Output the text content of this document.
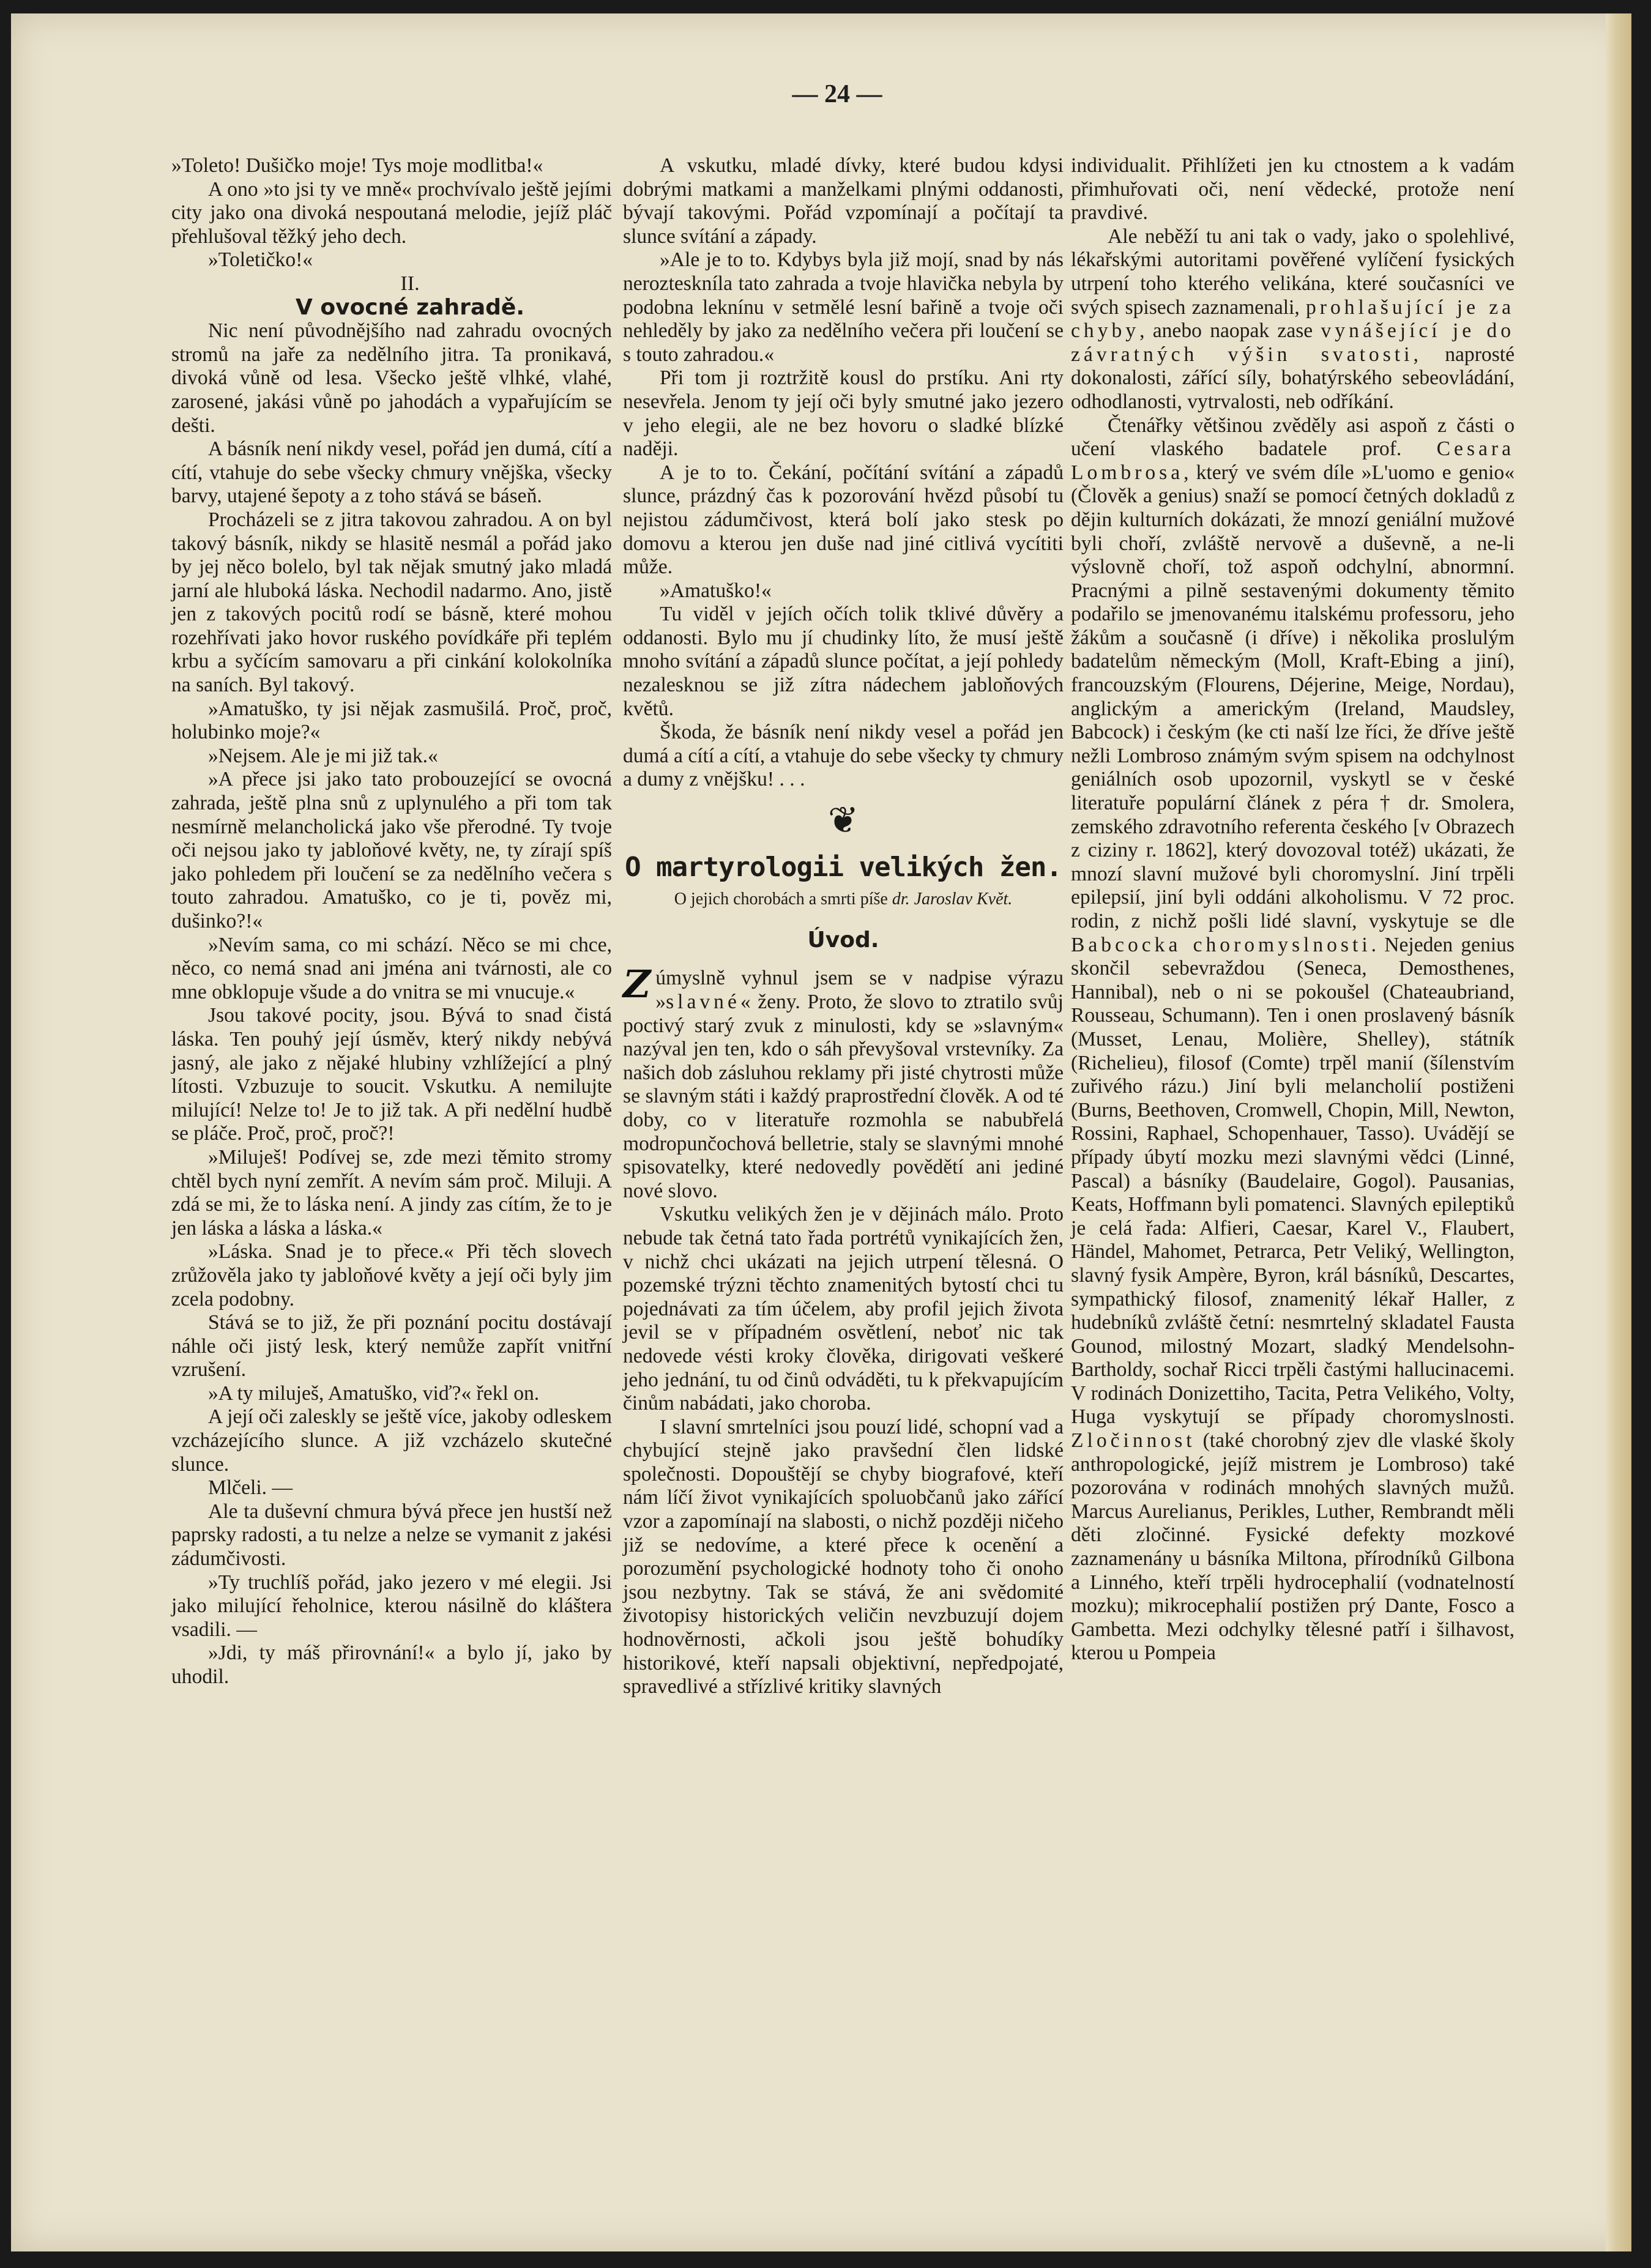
— 24 —

»Toleto! Dušičko moje! Tys moje modlitba!«

A ono »to jsi ty ve mně« prochvívalo ještě jejími city jako ona divoká nespoutaná melodie, jejíž pláč přehlušoval těžký jeho dech.

»Toletičko!«

II.

V ovocné zahradě.

Nic není původnějšího nad zahradu ovocných stromů na jaře za nedělního jitra. Ta pronikavá, divoká vůně od lesa. Všecko ještě vlhké, vlahé, zarosené, jakási vůně po jahodách a vypařujícím se dešti.

A básník není nikdy vesel, pořád jen dumá, cítí a cítí, vtahuje do sebe všecky chmury vnějška, všecky barvy, utajené šepoty a z toho stává se báseň.

Procházeli se z jitra takovou zahradou. A on byl takový básník, nikdy se hlasitě nesmál a pořád jako by jej něco bolelo, byl tak nějak smutný jako mladá jarní ale hluboká láska. Nechodil nadarmo. Ano, jistě jen z takových pocitů rodí se básně, které mohou rozehřívati jako hovor ruského povídkáře při teplém krbu a syčícím samovaru a při cinkání kolokolníka na saních. Byl takový.

»Amatuško, ty jsi nějak zasmušilá. Proč, proč, holubinko moje?«

»Nejsem. Ale je mi již tak.«

»A přece jsi jako tato probouzející se ovocná zahrada, ještě plna snů z uplynulého a při tom tak nesmírně melancholická jako vše přerodné. Ty tvoje oči nejsou jako ty jabloňové květy, ne, ty zírají spíš jako pohledem při loučení se za nedělního večera s touto zahradou. Amatuško, co je ti, pověz mi, dušinko?!«

»Nevím sama, co mi schází. Něco se mi chce, něco, co nemá snad ani jména ani tvárnosti, ale co mne obklopuje všude a do vnitra se mi vnucuje.«

Jsou takové pocity, jsou. Bývá to snad čistá láska. Ten pouhý její úsměv, který nikdy nebývá jasný, ale jako z nějaké hlubiny vzhlížející a plný lítosti. Vzbuzuje to soucit. Vskutku. A nemilujte milující! Nelze to! Je to již tak. A při nedělní hudbě se pláče. Proč, proč, proč?!

»Miluješ! Podívej se, zde mezi těmito stromy chtěl bych nyní zemřít. A nevím sám proč. Miluji. A zdá se mi, že to láska není. A jindy zas cítím, že to je jen láska a láska a láska.«

»Láska. Snad je to přece.« Při těch slovech zrůžověla jako ty jabloňové květy a její oči byly jim zcela podobny.

Stává se to již, že při poznání pocitu dostávají náhle oči jistý lesk, který nemůže zapřít vnitřní vzrušení.

»A ty miluješ, Amatuško, viď?« řekl on.

A její oči zaleskly se ještě více, jakoby odleskem vzcházejícího slunce. A již vzcházelo skutečné slunce.

Mlčeli. —

Ale ta duševní chmura bývá přece jen hustší než paprsky radosti, a tu nelze a nelze se vymanit z jakési zádumčivosti.

»Ty truchlíš pořád, jako jezero v mé elegii. Jsi jako milující řeholnice, kterou násilně do kláštera vsadili. —

»Jdi, ty máš přirovnání!« a bylo jí, jako by uhodil.

A vskutku, mladé dívky, které budou kdysi dobrými matkami a manželkami plnými oddanosti, bývají takovými. Pořád vzpomínají a počítají ta slunce svítání a západy.

»Ale je to to. Kdybys byla již mojí, snad by nás nerozteskníla tato zahrada a tvoje hlavička nebyla by podobna leknínu v setmělé lesní bařině a tvoje oči nehleděly by jako za nedělního večera při loučení se s touto zahradou.«

Při tom ji roztržitě kousl do prstíku. Ani rty nesevřela. Jenom ty její oči byly smutné jako jezero v jeho elegii, ale ne bez hovoru o sladké blízké naději.

A je to to. Čekání, počítání svítání a západů slunce, prázdný čas k pozorování hvězd působí tu nejistou zádumčivost, která bolí jako stesk po domovu a kterou jen duše nad jiné citlivá vycítiti může.

»Amatuško!«

Tu viděl v jejích očích tolik tklivé důvěry a oddanosti. Bylo mu jí chudinky líto, že musí ještě mnoho svítání a západů slunce počítat, a její pohledy nezalesknou se již zítra nádechem jabloňových květů.

Škoda, že básník není nikdy vesel a pořád jen dumá a cítí a cítí, a vtahuje do sebe všecky ty chmury a dumy z vnějšku! . . .

❦
O martyrologii velikých žen.
O jejich chorobách a smrti píše dr. Jaroslav Květ.
Úvod.

Zúmyslně vyhnul jsem se v nadpise výrazu »slavné« ženy. Proto, že slovo to ztratilo svůj poctivý starý zvuk z minulosti, kdy se »slavným« nazýval jen ten, kdo o sáh převyšoval vrstevníky. Za našich dob zásluhou reklamy při jisté chytrosti může se slavným státi i každý praprostřední člověk. A od té doby, co v literatuře rozmohla se nabubřelá modropunčochová belletrie, staly se slavnými mnohé spisovatelky, které nedovedly povědětí ani jediné nové slovo.

Vskutku velikých žen je v dějinách málo. Proto nebude tak četná tato řada portrétů vynikajících žen, v nichž chci ukázati na jejich utrpení tělesná. O pozemské trýzni těchto znamenitých bytostí chci tu pojednávati za tím účelem, aby profil jejich života jevil se v případném osvětlení, neboť nic tak nedovede vésti kroky člověka, dirigovati veškeré jeho jednání, tu od činů odváděti, tu k překvapujícím činům nabádati, jako choroba.

I slavní smrtelníci jsou pouzí lidé, schopní vad a chybující stejně jako pravšední člen lidské společnosti. Dopouštějí se chyby biografové, kteří nám líčí život vynikajících spoluobčanů jako zářící vzor a zapomínají na slabosti, o nichž později ničeho již se nedovíme, a které přece k ocenění a porozumění psychologické hodnoty toho či onoho jsou nezbytny. Tak se stává, že ani svědomité životopisy historických veličin nevzbuzují dojem hodnověrnosti, ačkoli jsou ještě bohudíky historikové, kteří napsali objektivní, nepředpojaté, spravedlivé a střízlivé kritiky slavných

individualit. Přihlížeti jen ku ctnostem a k vadám přimhuřovati oči, není vědecké, protože není pravdivé.

Ale neběží tu ani tak o vady, jako o spolehlivé, lékařskými autoritami pověřené vylíčení fysických utrpení toho kterého velikána, které současníci ve svých spisech zaznamenali, prohlašující je za chyby, anebo naopak zase vynášející je do závratných výšin svatosti, naprosté dokonalosti, zářící síly, bohatýrského sebeovládání, odhodlanosti, vytrvalosti, neb odříkání.

Čtenářky většinou zvěděly asi aspoň z části o učení vlaského badatele prof. Cesara Lombrosa, který ve svém díle »L'uomo e genio« (Člověk a genius) snaží se pomocí četných dokladů z dějin kulturních dokázati, že mnozí geniální mužové byli choří, zvláště nervově a duševně, a ne-li výslovně choří, tož aspoň odchylní, abnormní. Pracnými a pilně sestavenými dokumenty těmito podařilo se jmenovanému italskému professoru, jeho žákům a současně (i dříve) i několika proslulým badatelům německým (Moll, Kraft-Ebing a jiní), francouzským (Flourens, Déjerine, Meige, Nordau), anglickým a americkým (Ireland, Maudsley, Babcock) i českým (ke cti naší lze říci, že dříve ještě nežli Lombroso známým svým spisem na odchylnost geniálních osob upozornil, vyskytl se v české literatuře populární článek z péra † dr. Smolera, zemského zdravotního referenta českého [v Obrazech z ciziny r. 1862], který dovozoval totéž) ukázati, že mnozí slavní mužové byli choromyslní. Jiní trpěli epilepsií, jiní byli oddáni alkoholismu. V 72 proc. rodin, z nichž pošli lidé slavní, vyskytuje se dle Babcocka choromyslnosti. Nejeden genius skončil sebevraždou (Seneca, Demosthenes, Hannibal), neb o ni se pokoušel (Chateaubriand, Rousseau, Schumann). Ten i onen proslavený básník (Musset, Lenau, Molière, Shelley), státník (Richelieu), filosof (Comte) trpěl manií (šílenstvím zuřivého rázu.) Jiní byli melancholií postiženi (Burns, Beethoven, Cromwell, Chopin, Mill, Newton, Rossini, Raphael, Schopenhauer, Tasso). Uvádějí se případy úbytí mozku mezi slavnými vědci (Linné, Pascal) a básníky (Baudelaire, Gogol). Pausanias, Keats, Hoffmann byli pomatenci. Slavných epileptiků je celá řada: Alfieri, Caesar, Karel V., Flaubert, Händel, Mahomet, Petrarca, Petr Veliký, Wellington, slavný fysik Ampère, Byron, král básníků, Descartes, sympathický filosof, znamenitý lékař Haller, z hudebníků zvláště četní: nesmrtelný skladatel Fausta Gounod, milostný Mozart, sladký Mendelsohn-Bartholdy, sochař Ricci trpěli častými hallucinacemi. V rodinách Donizettiho, Tacita, Petra Velikého, Volty, Huga vyskytují se případy choromyslnosti. Zločinnost (také chorobný zjev dle vlaské školy anthropologické, jejíž mistrem je Lombroso) také pozorována v rodinách mnohých slavných mužů. Marcus Aurelianus, Perikles, Luther, Rembrandt měli děti zločinné. Fysické defekty mozkové zaznamenány u básníka Miltona, přírodníků Gilbona a Linného, kteří trpěli hydrocephalií (vodnatelností mozku); mikrocephalií postižen prý Dante, Fosco a Gambetta. Mezi odchylky tělesné patří i šilhavost, kterou u Pompeia
